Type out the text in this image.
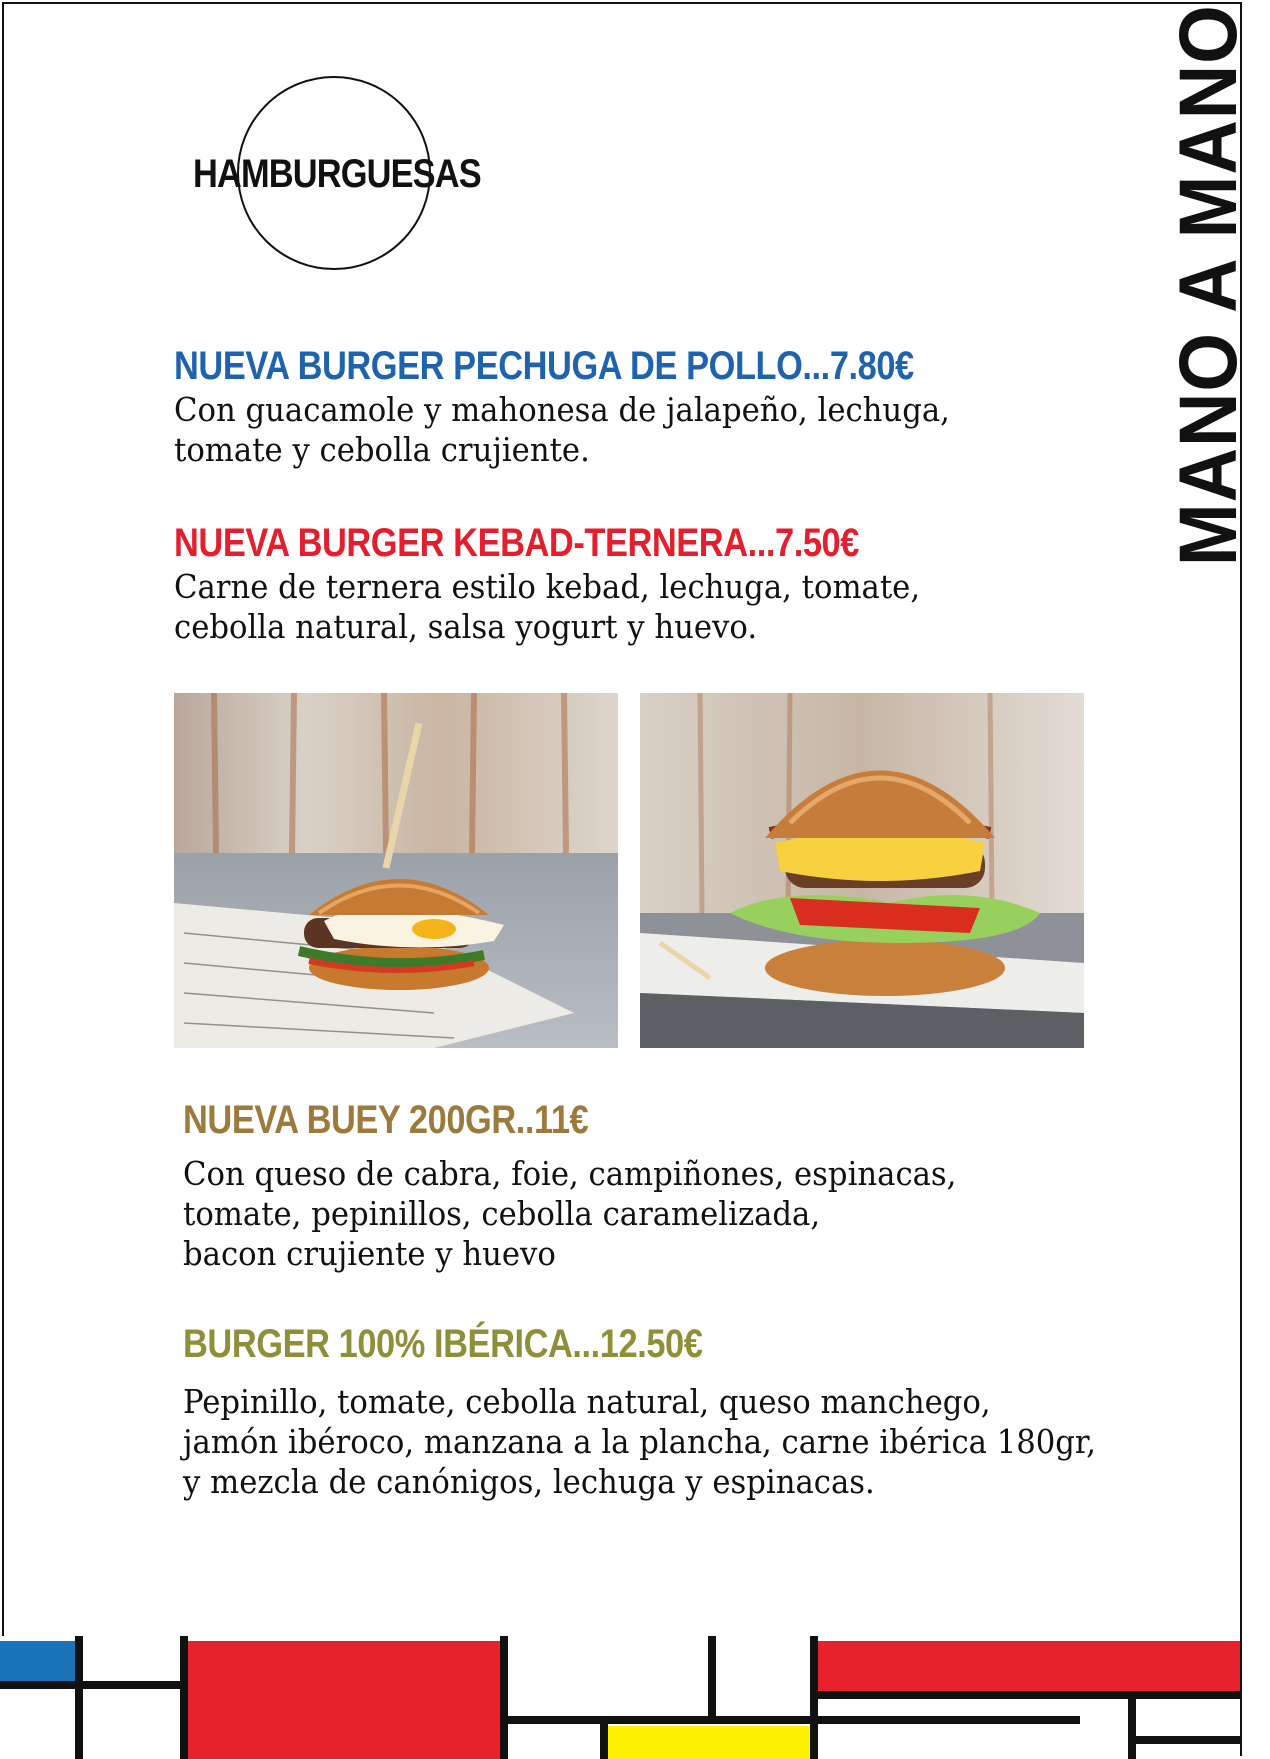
HAMBURGUESAS	MANO A MANO
NUEVA BURGER PECHUGA DE POLLO...7.80€
Con guacamole y mahonesa de jalapeño, lechuga,
tomate y cebolla crujiente.
NUEVA BURGER KEBAD-TERNERA...7.50€
Carne de ternera estilo kebad, lechuga, tomate,
cebolla natural, salsa yogurt y huevo.
NUEVA BUEY 200GR..11€
Con queso de cabra, foie, campiñones, espinacas,
tomate, pepinillos, cebolla caramelizada,
bacon crujiente y huevo
BURGER 100% IBÉRICA...12.50€
Pepinillo, tomate, cebolla natural, queso manchego,
jamón ibéroco, manzana a la plancha, carne ibérica 180gr,
y mezcla de canónigos, lechuga y espinacas.
